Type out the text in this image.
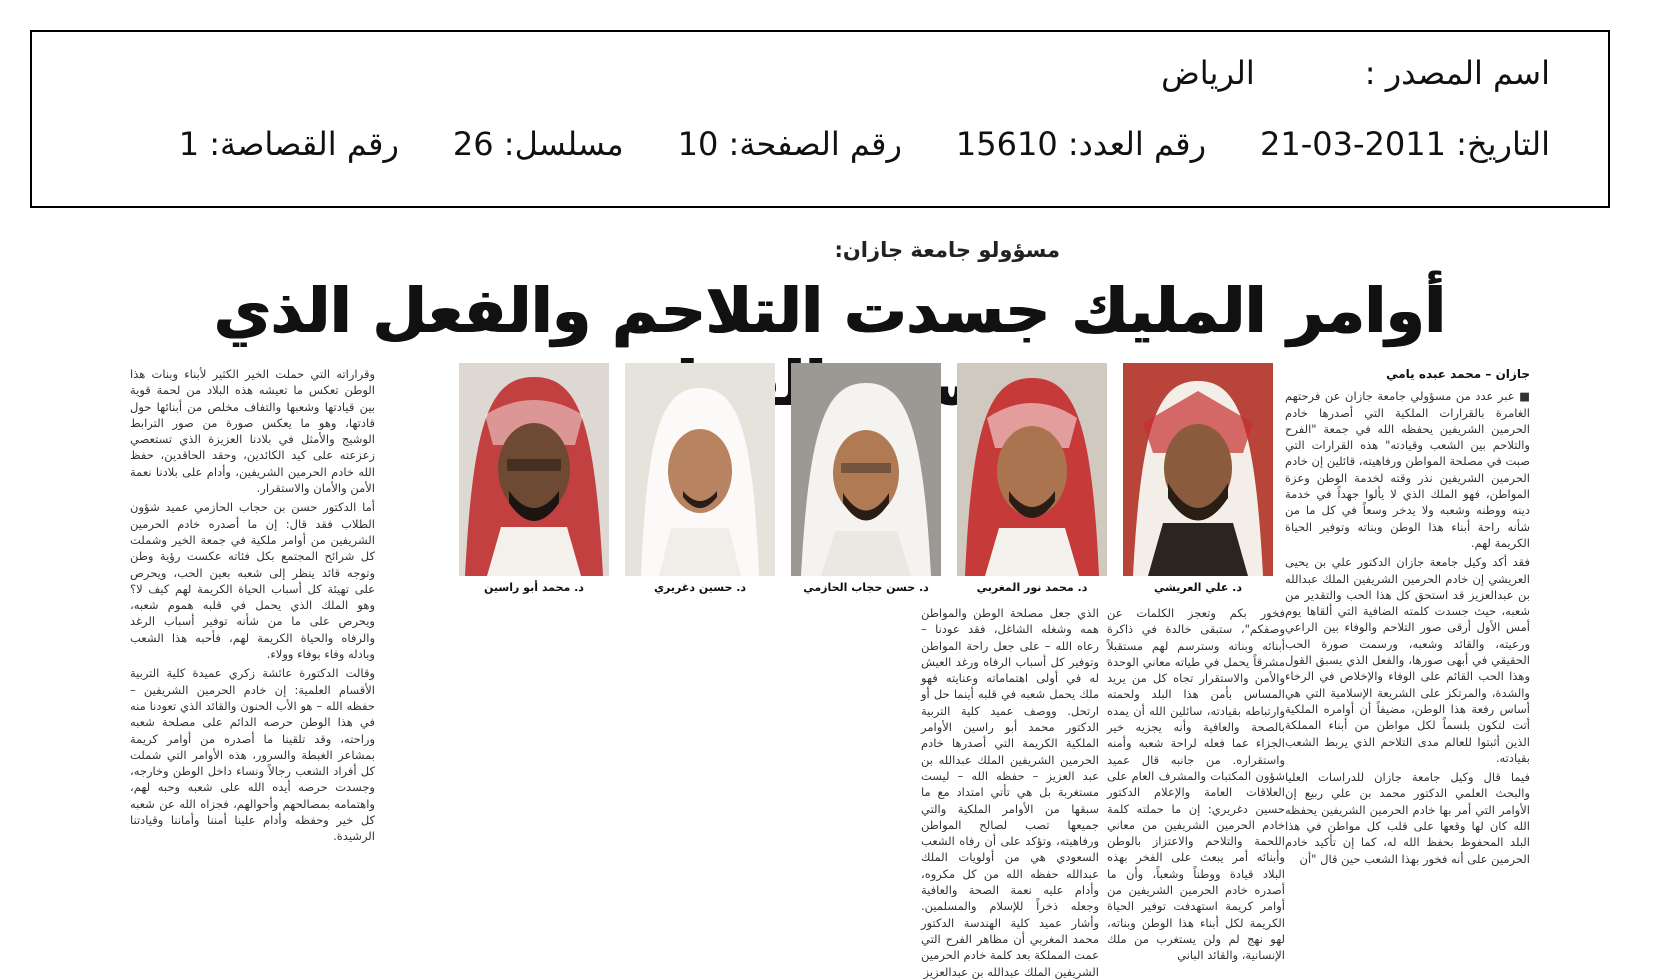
اسم المصدر :الرياض
التاريخ: 2011-03-21رقم العدد: 15610رقم الصفحة: 10مسلسل: 26رقم القصاصة: 1
مسؤولو جامعة جازان:
أوامر المليك جسدت التلاحم والفعل الذي
جازان – محمد عبده يامي

■ عبر عدد من مسؤولي جامعة جازان عن فرحتهم الغامرة بالقرارات الملكية التي أصدرها خادم الحرمين الشريفين يحفظه الله في جمعة "الفرح والتلاحم بين الشعب وقيادته" هذه القرارات التي صبت في مصلحة المواطن ورفاهيته، قائلين إن خادم الحرمين الشريفين نذر وقته لخدمة الوطن وعزة المواطن، فهو الملك الذي لا يألوا جهداً في خدمة دينه ووطنه وشعبه ولا يدخر وسعاً في كل ما من شأنه راحة أبناء هذا الوطن وبناته وتوفير الحياة الكريمة لهم.

فقد أكد وكيل جامعة جازان الدكتور علي بن يحيى العريشي إن خادم الحرمين الشريفين الملك عبدالله بن عبدالعزيز قد استحق كل هذا الحب والتقدير من شعبه، حيث جسدت كلمته الضافية التي ألقاها يوم أمس الأول أرقى صور التلاحم والوفاء بين الراعي ورعيته، والقائد وشعبه، ورسمت صورة الحب الحقيقي في أبهى صورها، والفعل الذي يسبق القول وهذا الحب القائم على الوفاء والإخلاص في الرخاء والشدة، والمرتكز على الشريعة الإسلامية التي هي أساس رفعة هذا الوطن، مضيفاً أن أوامره الملكية أتت لتكون بلسماً لكل مواطن من أبناء المملكة الذين أثبتوا للعالم مدى التلاحم الذي يربط الشعب بقيادته.

فيما قال وكيل جامعة جازان للدراسات العليا والبحث العلمي الدكتور محمد بن علي ربيع إن الأوامر التي أمر بها خادم الحرمين الشريفين يحفظه الله كان لها وقعها على قلب كل مواطن في هذا البلد المحفوظ بحفظ الله له، كما إن تأكيد خادم الحرمين على أنه فخور بهذا الشعب حين قال "أن

وقراراته التي حملت الخير الكثير لأبناء وبنات هذا الوطن تعكس ما تعيشه هذه البلاد من لحمة قوية بين قيادتها وشعبها والتفاف مخلص من أبنائها حول قادتها، وهو ما يعكس صورة من صور الترابط الوشيج والأمثل في بلادنا العزيزة الذي تستعصي زعزعته على كيد الكائدين، وحقد الحاقدين، حفظ الله خادم الحرمين الشريفين، وأدام على بلادنا نعمة الأمن والأمان والاستقرار.

أما الدكتور حسن بن حجاب الحازمي عميد شؤون الطلاب فقد قال: إن ما أصدره خادم الحرمين الشريفين من أوامر ملكية في جمعة الخير وشملت كل شرائح المجتمع بكل فئاته عكست رؤية وطن وتوجه قائد ينظر إلى شعبه بعين الحب، ويحرص على تهيئة كل أسباب الحياة الكريمة لهم كيف لا؟ وهو الملك الذي يحمل في قلبه هموم شعبه، ويحرص على ما من شأنه توفير أسباب الرغد والرفاه والحياة الكريمة لهم، فأحبه هذا الشعب وبادله وفاء بوفاء وولاء.

وقالت الدكتورة عائشة زكري عميدة كلية التربية الأقسام العلمية: إن خادم الحرمين الشريفين – حفظه الله – هو الأب الحنون والقائد الذي تعودنا منه في هذا الوطن حرصه الدائم على مصلحة شعبه وراحته، وقد تلقينا ما أصدره من أوامر كريمة بمشاعر الغبطة والسرور، هذه الأوامر التي شملت كل أفراد الشعب رجالاً ونساء داخل الوطن وخارجه، وجسدت حرصه أيده الله على شعبه وحبه لهم، واهتمامه بمصالحهم وأحوالهم، فجزاه الله عن شعبه كل خير وحفظه وأدام علينا أمننا وأماننا وقيادتنا الرشيدة.

د. علي العريشي
د. محمد نور المغربي
د. حسن حجاب الحازمي
د. حسين دغريري
د. محمد أبو راسين
فخور بكم وتعجز الكلمات عن وصفكم"، ستبقى خالدة في ذاكرة أبنائه وبناته وسترسم لهم مستقبلاً مشرقاً يحمل في طياته معاني الوحدة والأمن والاستقرار تجاه كل من يريد المساس بأمن هذا البلد ولحمته وارتباطه بقيادته، سائلين الله أن يمده بالصحة والعافية وأنه يجزيه خير الجزاء عما فعله لراحة شعبه وأمنه واستقراره. من جانبه قال عميد شؤون المكتبات والمشرف العام على العلاقات العامة والإعلام الدكتور حسين دغريري: إن ما حملته كلمة خادم الحرمين الشريفين من معاني اللحمة والتلاحم والاعتزاز بالوطن وأبنائه أمر يبعث على الفخر بهذه البلاد قيادة ووطناً وشعباً، وأن ما أصدره خادم الحرمين الشريفين من أوامر كريمة استهدفت توفير الحياة الكريمة لكل أبناء هذا الوطن وبناته، لهو نهج لم ولن يستغرب من ملك الإنسانية، والقائد الباني
الذي جعل مصلحة الوطن والمواطن همه وشغله الشاغل، فقد عودنا – رعاه الله – على جعل راحة المواطن وتوفير كل أسباب الرفاه ورغد العيش له في أولى اهتماماته وعنايته فهو ملك يحمل شعبه في قلبه أينما حل أو ارتحل. ووصف عميد كلية التربية الدكتور محمد أبو راسين الأوامر الملكية الكريمة التي أصدرها خادم الحرمين الشريفين الملك عبدالله بن عبد العزيز – حفظه الله – ليست مستغربة بل هي تأتي امتداد مع ما سبقها من الأوامر الملكية والتي جميعها تصب لصالح المواطن ورفاهيته، وتؤكد على أن رفاه الشعب السعودي هي من أولويات الملك عبدالله حفظه الله من كل مكروه، وأدام عليه نعمة الصحة والعافية وجعله ذخراً للإسلام والمسلمين. وأشار عميد كلية الهندسة الدكتور محمد المغربي أن مظاهر الفرح التي عمت المملكة بعد كلمة خادم الحرمين الشريفين الملك عبدالله بن عبدالعزيز
